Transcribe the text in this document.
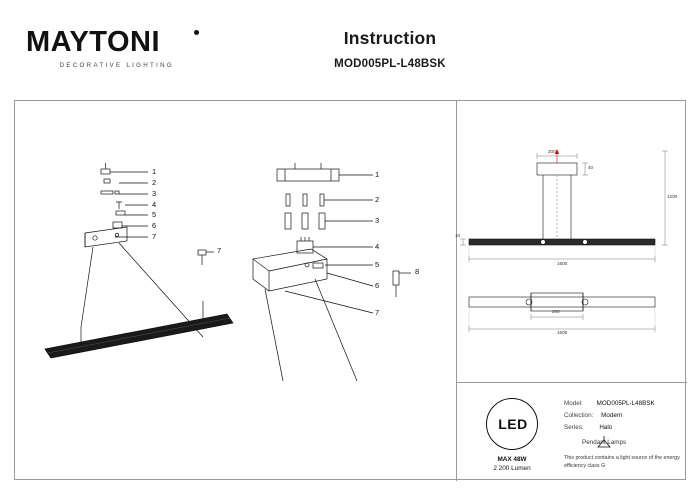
MAYTONI
DECORATIVE LIGHTING
Instruction
MOD005PL-L48BSK
1
2
3
4
5
6
7
7
1
2
3
4
5
6
7
8
200
40
1200
10
1600
200
1600
LED
MAX 48W
2 200 Lumen
Model: MOD005PL-L48BSK
Collection: Modern
Series:	Halo
Pendant Lamps
This product contains a light source of the energy efficiency class G
